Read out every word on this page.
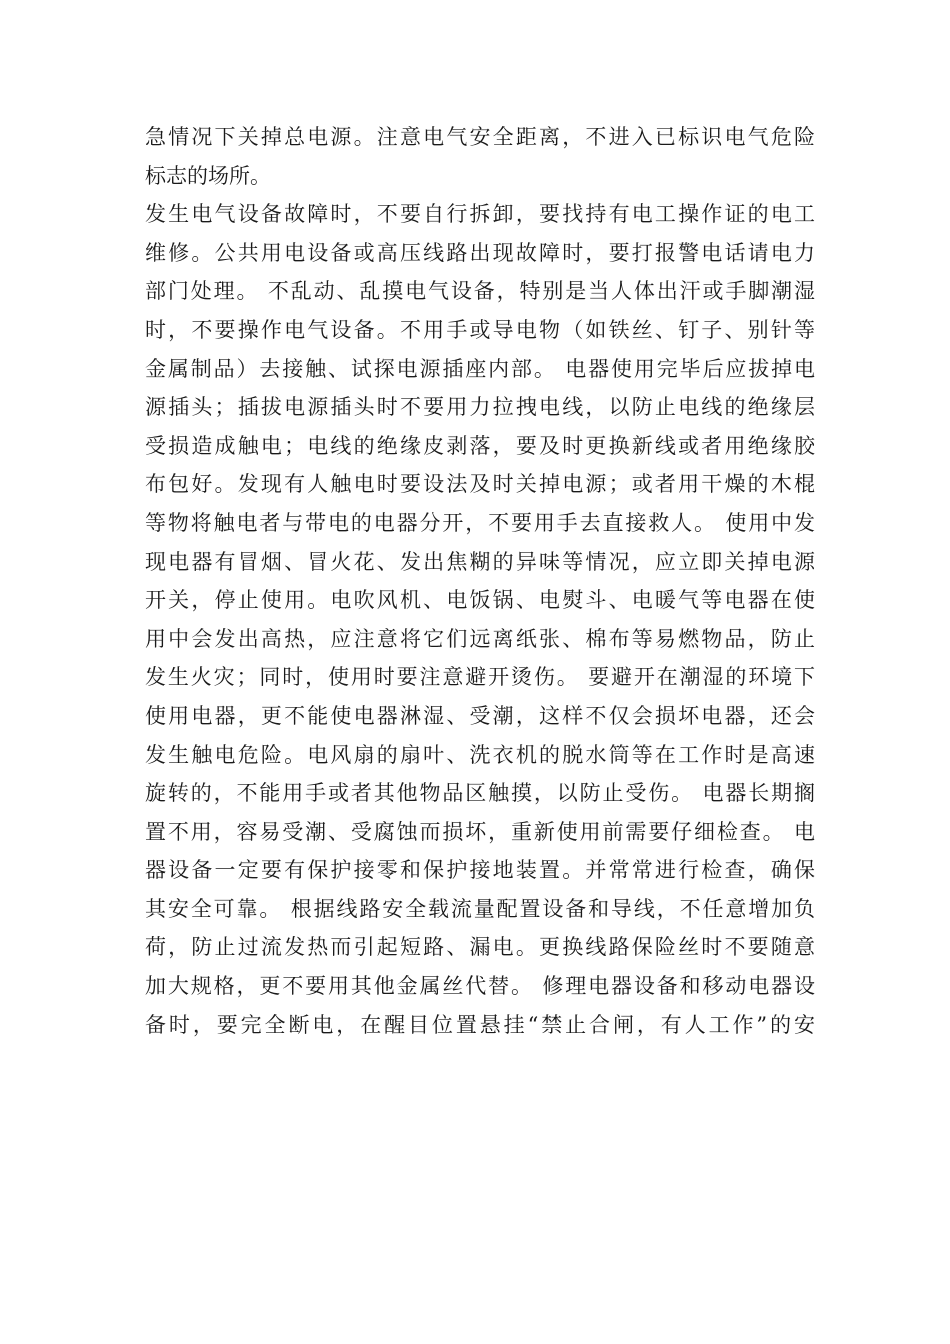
急情况下关掉总电源。注意电气安全距离，不进入已标识电气危险
标志的场所。
发生电气设备故障时，不要自行拆卸，要找持有电工操作证的电工
维修。公共用电设备或高压线路出现故障时，要打报警电话请电力
部门处理。 不乱动、乱摸电气设备，特别是当人体出汗或手脚潮湿
时，不要操作电气设备。不用手或导电物（如铁丝、钉子、别针等
金属制品）去接触、试探电源插座内部。 电器使用完毕后应拔掉电
源插头；插拔电源插头时不要用力拉拽电线，以防止电线的绝缘层
受损造成触电；电线的绝缘皮剥落，要及时更换新线或者用绝缘胶
布包好。发现有人触电时要设法及时关掉电源；或者用干燥的木棍
等物将触电者与带电的电器分开，不要用手去直接救人。 使用中发
现电器有冒烟、冒火花、发出焦糊的异味等情况，应立即关掉电源
开关，停止使用。电吹风机、电饭锅、电熨斗、电暖气等电器在使
用中会发出高热，应注意将它们远离纸张、棉布等易燃物品，防止
发生火灾；同时，使用时要注意避开烫伤。 要避开在潮湿的环境下
使用电器，更不能使电器淋湿、受潮，这样不仅会损坏电器，还会
发生触电危险。电风扇的扇叶、洗衣机的脱水筒等在工作时是高速
旋转的，不能用手或者其他物品区触摸，以防止受伤。 电器长期搁
置不用，容易受潮、受腐蚀而损坏，重新使用前需要仔细检查。 电
器设备一定要有保护接零和保护接地装置。并常常进行检查，确保
其安全可靠。 根据线路安全载流量配置设备和导线，不任意增加负
荷，防止过流发热而引起短路、漏电。更换线路保险丝时不要随意
加大规格，更不要用其他金属丝代替。 修理电器设备和移动电器设
备时，要完全断电，在醒目位置悬挂“禁止合闸，有人工作”的安
